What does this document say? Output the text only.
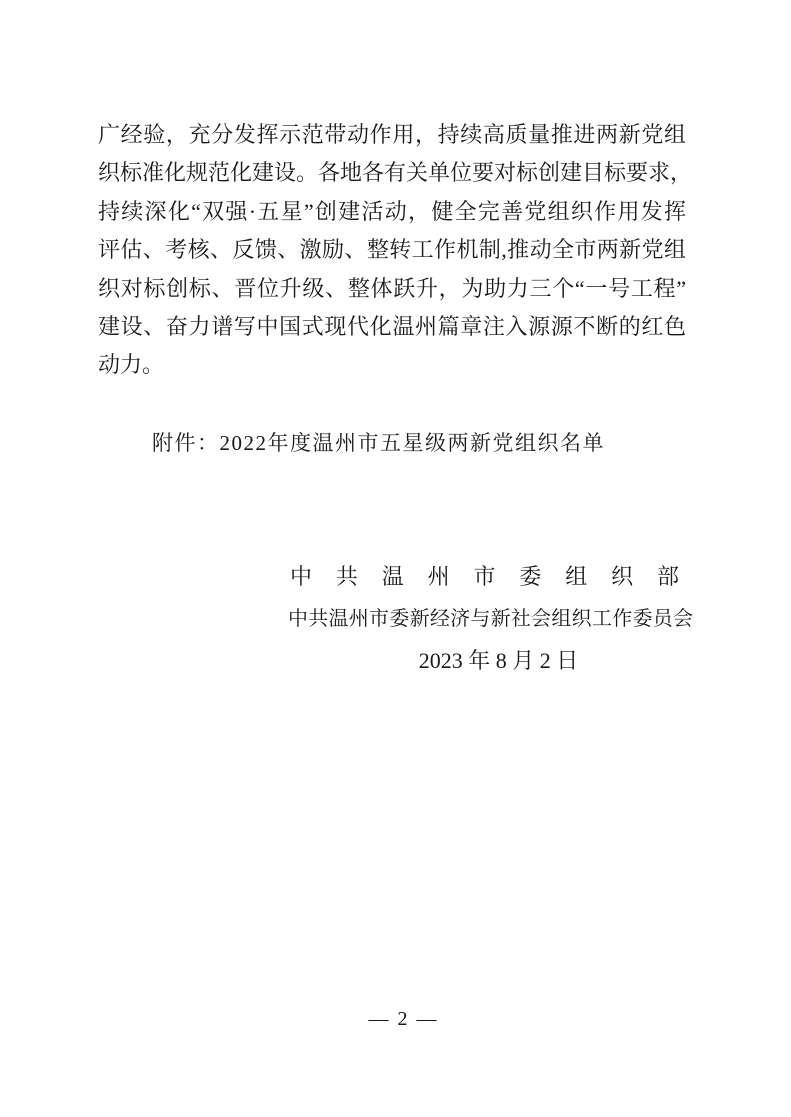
广经验，充分发挥示范带动作用，持续高质量推进两新党组
织标准化规范化建设。各地各有关单位要对标创建目标要求，
持续深化“双强·五星”创建活动，健全完善党组织作用发挥
评估、考核、反馈、激励、整转工作机制,推动全市两新党组
织对标创标、晋位升级、整体跃升，为助力三个“一号工程”
建设、奋力谱写中国式现代化温州篇章注入源源不断的红色
动力。
附件：2022年度温州市五星级两新党组织名单
中 共 温 州 市 委 组 织 部
中共温州市委新经济与新社会组织工作委员会
2023 年 8 月 2 日
— 2 —
